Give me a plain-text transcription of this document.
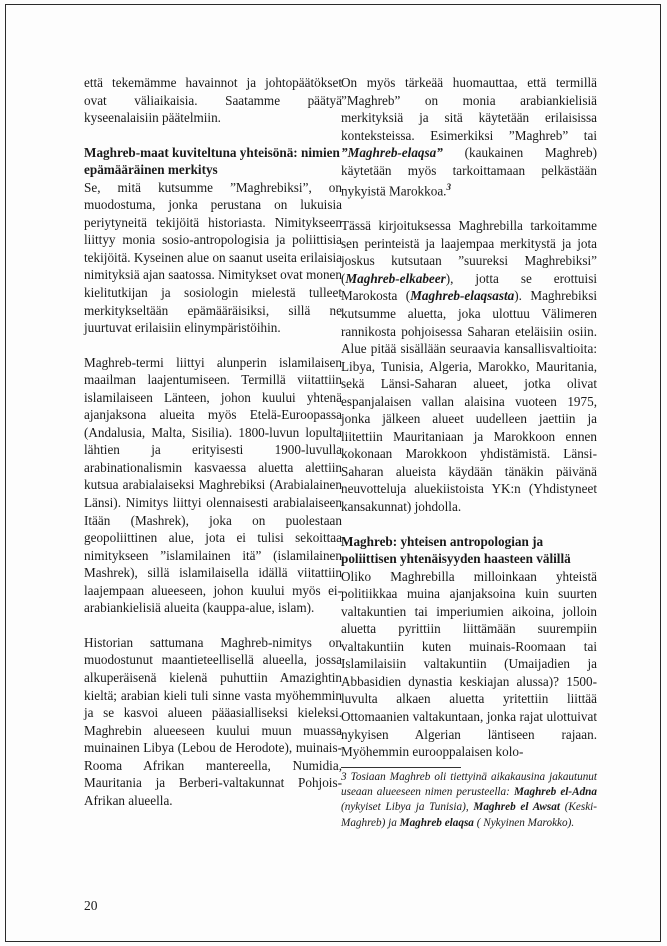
että tekemämme havainnot ja johtopäätökset ovat väliaikaisia. Saatamme päätyä kyseenalaisiin päätelmiin.

Maghreb-maat kuviteltuna yhteisönä: nimien epämääräinen merkitys

Se, mitä kutsumme ”Maghrebiksi”, on muodostuma, jonka perustana on lukuisia periytyneitä tekijöitä historiasta. Nimitykseen liittyy monia sosio-antropologisia ja poliittisia tekijöitä. Kyseinen alue on saanut useita erilaisia nimityksiä ajan saatossa. Nimitykset ovat monen kielitutkijan ja sosiologin mielestä tulleet merkitykseltään epämääräisiksi, sillä ne juurtuvat erilaisiin elinympäristöihin.

Maghreb-termi liittyi alunperin islamilaisen maailman laajentumiseen. Termillä viitattiin islamilaiseen Länteen, johon kuului yhtenä ajanjaksona alueita myös Etelä-Euroopassa (Andalusia, Malta, Sisilia). 1800-luvun lopulta lähtien ja erityisesti 1900-luvulla arabinationalismin kasvaessa aluetta alettiin kutsua arabialaiseksi Maghrebiksi (Arabialainen Länsi). Nimitys liittyi olennaisesti arabialaiseen Itään (Mashrek), joka on puolestaan geopoliittinen alue, jota ei tulisi sekoittaa nimitykseen ”islamilainen itä” (islamilainen Mashrek), sillä islamilaisella idällä viitattiin laajempaan alueeseen, johon kuului myös ei-arabiankielisiä alueita (kauppa-alue, islam).

Historian sattumana Maghreb-nimitys on muodostunut maantieteellisellä alueella, jossa alkuperäisenä kielenä puhuttiin Amazightin kieltä; arabian kieli tuli sinne vasta myöhemmin ja se kasvoi alueen pääasialliseksi kieleksi. Maghrebin alueeseen kuului muun muassa muinainen Libya (Lebou de Herodote), muinais-Rooma Afrikan mantereella, Numidia, Mauritania ja Berberi-valtakunnat Pohjois-Afrikan alueella.

On myös tärkeää huomauttaa, että termillä ”Maghreb” on monia arabiankielisiä merkityksiä ja sitä käytetään erilaisissa konteksteissa. Esimerkiksi ”Maghreb” tai ”Maghreb-elaqsa” (kaukainen Maghreb) käytetään myös tarkoittamaan pelkästään nykyistä Marokkoa.$^3$

Tässä kirjoituksessa Maghrebilla tarkoitamme sen perinteistä ja laajempaa merkitystä ja jota joskus kutsutaan ”suureksi Maghrebiksi” (Maghreb-elkabeer), jotta se erottuisi Marokosta (Maghreb-elaqsasta). Maghrebiksi kutsumme aluetta, joka ulottuu Välimeren rannikosta pohjoisessa Saharan eteläisiin osiin. Alue pitää sisällään seuraavia kansallisvaltioita: Libya, Tunisia, Algeria, Marokko, Mauritania, sekä Länsi-Saharan alueet, jotka olivat espanjalaisen vallan alaisina vuoteen 1975, jonka jälkeen alueet uudelleen jaettiin ja liitettiin Mauritaniaan ja Marokkoon ennen kokonaan Marokkoon yhdistämistä. Länsi-Saharan alueista käydään tänäkin päivänä neuvotteluja aluekiistoista YK:n (Yhdistyneet kansakunnat) johdolla.

Maghreb: yhteisen antropologian ja poliittisen yhtenäisyyden haasteen välillä

Oliko Maghrebilla milloinkaan yhteistä politiikkaa muina ajanjaksoina kuin suurten valtakuntien tai imperiumien aikoina, jolloin aluetta pyrittiin liittämään suurempiin valtakuntiin kuten muinais-Roomaan tai Islamilaisiin valtakuntiin (Umaijadien ja Abbasidien dynastia keskiajan alussa)? 1500-luvulta alkaen aluetta yritettiin liittää Ottomaanien valtakuntaan, jonka rajat ulottuivat nykyisen Algerian läntiseen rajaan. Myöhemmin eurooppalaisen kolo-

3 Tosiaan Maghreb oli tiettyinä aikakausina jakautunut useaan alueeseen nimen perusteella: Maghreb el-Adna (nykyiset Libya ja Tunisia), Maghreb el Awsat (Keski-Maghreb) ja Maghreb elaqsa ( Nykyinen Marokko).
20
